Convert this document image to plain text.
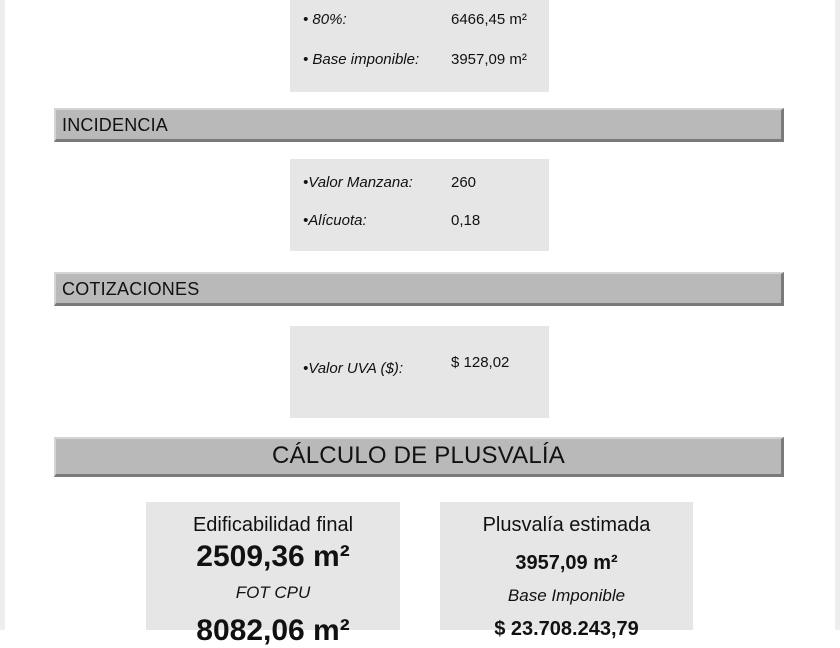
• 80%:	6466,45 m²
• Base imponible: 3957,09 m²
INCIDENCIA
•Valor Manzana:	260
•Alícuota:	0,18
COTIZACIONES
•Valor UVA ($):	$ 128,02
CÁLCULO DE PLUSVALÍA
Edificabilidad final
2509,36 m²
FOT CPU
8082,06 m²
Plusvalía estimada
3957,09 m²
Base Imponible
$ 23.708.243,79
